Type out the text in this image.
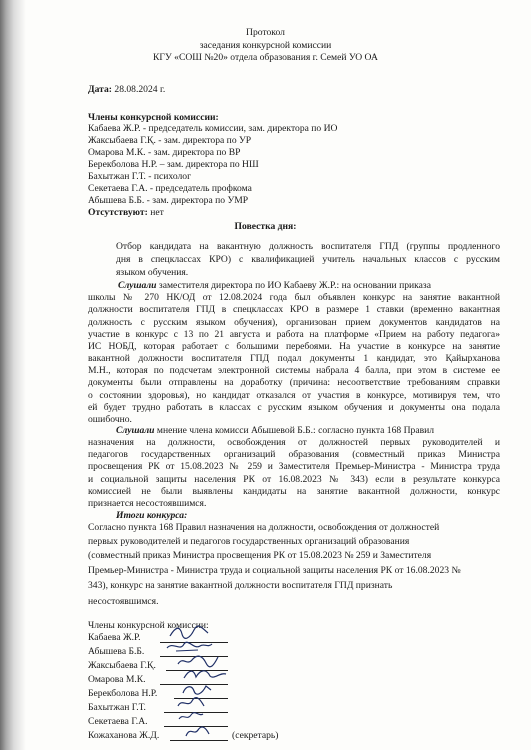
Протокол
заседания конкурсной комиссии
КГУ «СОШ №20» отдела образования г. Семей УО ОА
Дата: 28.08.2024 г.
Члены конкурсной комиссии:
Кабаева Ж.Р. - председатель комиссии, зам. директора по ИО
Жаксыбаева Г.Қ. - зам. директора по УР
Омарова М.К. - зам. директора по ВР
Берекболова Н.Р. – зам. директора по НШ
Бахытжан Г.Т. - психолог
Секетаева Г.А. - председатель профкома
Абышева Б.Б. - зам. директора по УМР
Отсутствуют: нет
Повестка дня:
Отбор кандидата на вакантную должность воспитателя ГПД (группы продленного
дня в спецклассах КРО) с квалификацией учитель начальных классов с русским
языком обучения.
Слушали заместителя директора по ИО Кабаеву Ж.Р.: на основании приказа
школы № 270 НК/ОД от 12.08.2024 года был объявлен конкурс на занятие вакантной
должности воспитателя ГПД в спецклассах КРО в размере 1 ставки (временно вакантная
должность с русским языком обучения), организован прием документов кандидатов на
участие в конкурс с 13 по 21 августа и работа на платформе «Прием на работу педагога»
ИС НОБД, которая работает с большими перебоями. На участие в конкурсе на занятие
вакантной должности воспитателя ГПД подал документы 1 кандидат, это Қайырханова
М.Н., которая по подсчетам электронной системы набрала 4 балла, при этом в системе ее
документы были отправлены на доработку (причина: несоответствие требованиям справки
о состоянии здоровья), но кандидат отказался от участия в конкурсе, мотивируя тем, что
ей будет трудно работать в классах с русским языком обучения и документы она подала
ошибочно.
Слушали мнение члена комисси Абышевой Б.Б.: согласно пункта 168 Правил
назначения на должности, освобождения от должностей первых руководителей и
педагогов государственных организаций образования (совместный приказ Министра
просвещения РК от 15.08.2023 № 259 и Заместителя Премьер-Министра - Министра труда
и социальной защиты населения РК от 16.08.2023 № 343) если в результате конкурса
комиссией не были выявлены кандидаты на занятие вакантной должности, конкурс
признается несостоявшимся.
Итоги конкурса:
Согласно пункта 168 Правил назначения на должности, освобождения от должностей
первых руководителей и педагогов государственных организаций образования
(совместный приказ Министра просвещения РК от 15.08.2023 № 259 и Заместителя
Премьер-Министра - Министра труда и социальной защиты населения РК от 16.08.2023 №
343), конкурс на занятие вакантной должности воспитателя ГПД признать
несостоявшимся.
Члены конкурсной комиссии:
Кабаева Ж.Р.
Абышева Б.Б.
Жаксыбаева Г.Қ.
Омарова М.К.
Берекболова Н.Р.
Бахытжан Г.Т.
Секетаева Г.А.
Кожаханова Ж.Д.	(секретарь)
